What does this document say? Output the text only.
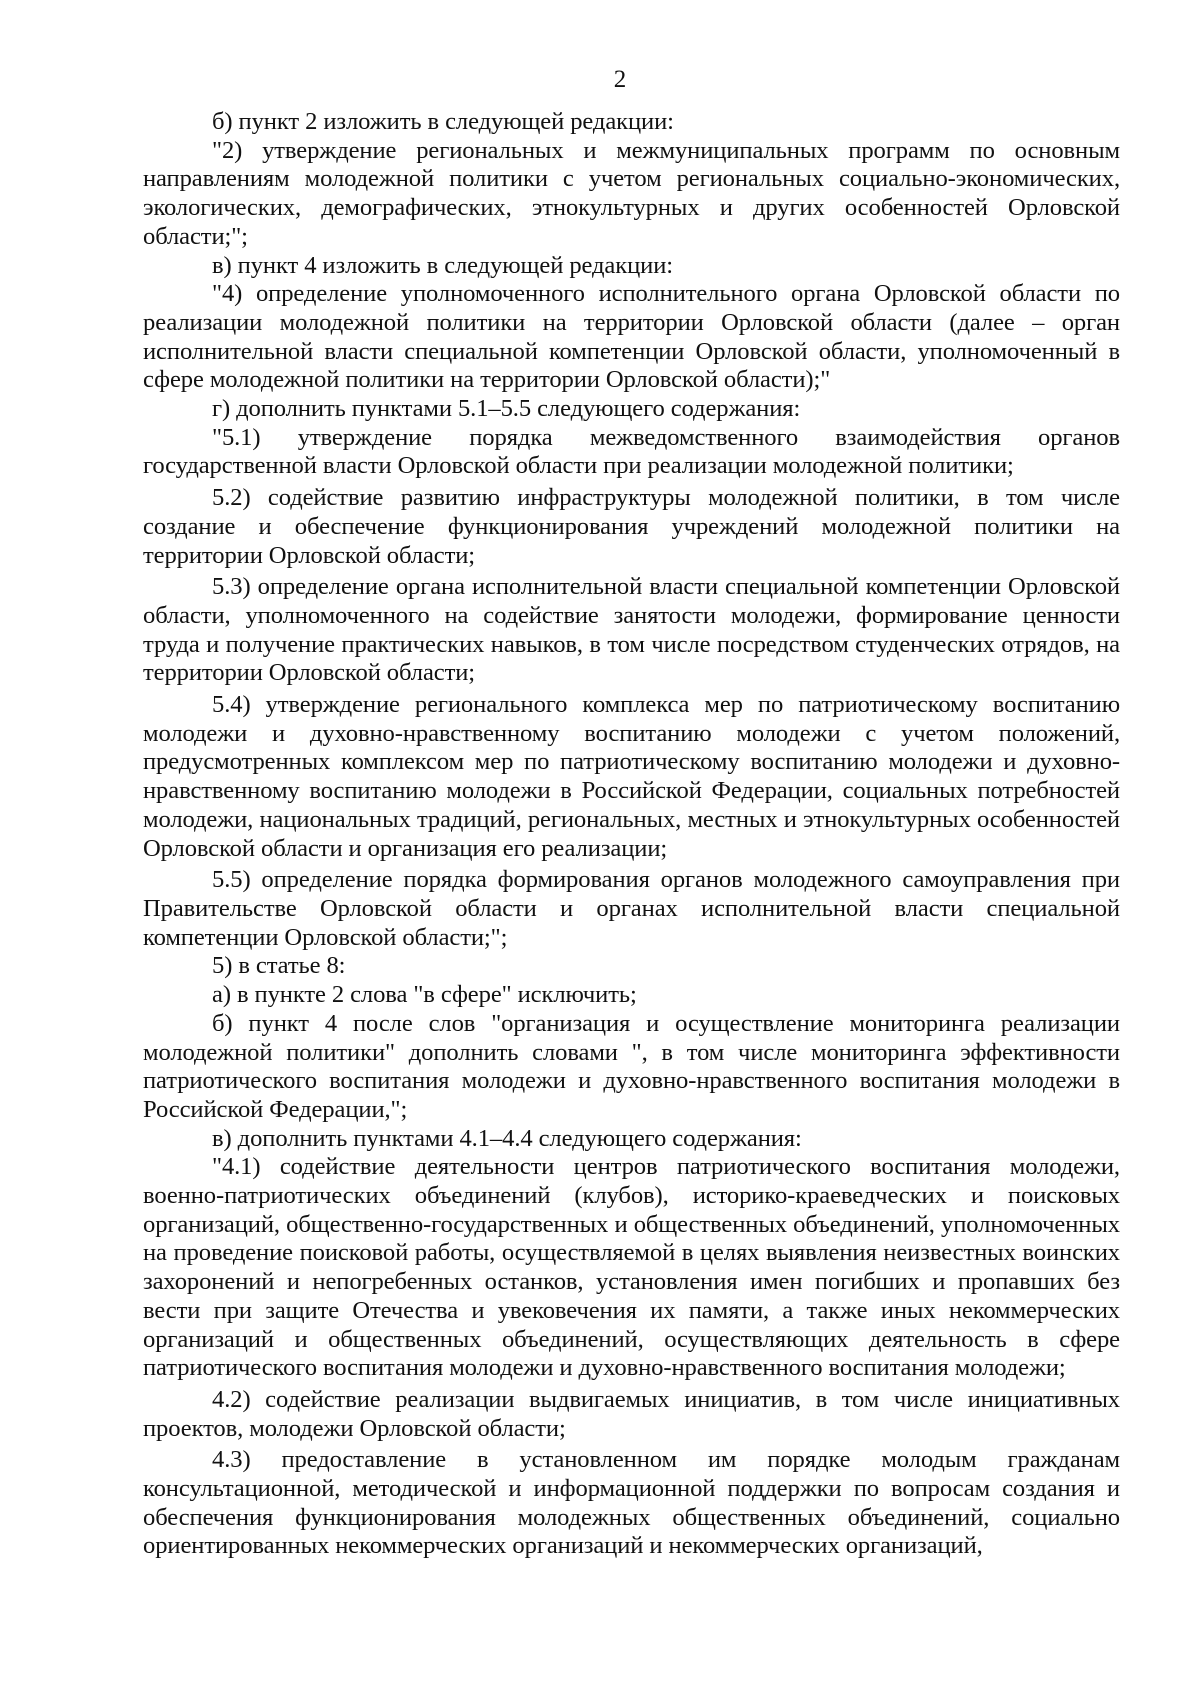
2

б) пункт 2 изложить в следующей редакции:

"2) утверждение региональных и межмуниципальных программ по основным направлениям молодежной политики с учетом региональных социально-экономических, экологических, демографических, этнокультурных и других особенностей Орловской области;";

в) пункт 4 изложить в следующей редакции:

"4) определение уполномоченного исполнительного органа Орловской области по реализации молодежной политики на территории Орловской области (далее – орган исполнительной власти специальной компетенции Орловской области, уполномоченный в сфере молодежной политики на территории Орловской области);"

г) дополнить пунктами 5.1–5.5 следующего содержания:

"5.1) утверждение порядка межведомственного взаимодействия органов государственной власти Орловской области при реализации молодежной политики;

5.2) содействие развитию инфраструктуры молодежной политики, в том числе создание и обеспечение функционирования учреждений молодежной политики на территории Орловской области;

5.3) определение органа исполнительной власти специальной компетенции Орловской области, уполномоченного на содействие занятости молодежи, формирование ценности труда и получение практических навыков, в том числе посредством студенческих отрядов, на территории Орловской области;

5.4) утверждение регионального комплекса мер по патриотическому воспитанию молодежи и духовно-нравственному воспитанию молодежи с учетом положений, предусмотренных комплексом мер по патриотическому воспитанию молодежи и духовно-нравственному воспитанию молодежи в Российской Федерации, социальных потребностей молодежи, национальных традиций, региональных, местных и этнокультурных особенностей Орловской области и организация его реализации;

5.5) определение порядка формирования органов молодежного самоуправления при Правительстве Орловской области и органах исполнительной власти специальной компетенции Орловской области;";

5) в статье 8:

а) в пункте 2 слова "в сфере" исключить;

б) пункт 4 после слов "организация и осуществление мониторинга реализации молодежной политики" дополнить словами ", в том числе мониторинга эффективности патриотического воспитания молодежи и духовно-нравственного воспитания молодежи в Российской Федерации,";

в) дополнить пунктами 4.1–4.4 следующего содержания:

"4.1) содействие деятельности центров патриотического воспитания молодежи, военно-патриотических объединений (клубов), историко-краеведческих и поисковых организаций, общественно-государственных и общественных объединений, уполномоченных на проведение поисковой работы, осуществляемой в целях выявления неизвестных воинских захоронений и непогребенных останков, установления имен погибших и пропавших без вести при защите Отечества и увековечения их памяти, а также иных некоммерческих организаций и общественных объединений, осуществляющих деятельность в сфере патриотического воспитания молодежи и духовно-нравственного воспитания молодежи;

4.2) содействие реализации выдвигаемых инициатив, в том числе инициативных проектов, молодежи Орловской области;

4.3) предоставление в установленном им порядке молодым гражданам консультационной, методической и информационной поддержки по вопросам создания и обеспечения функционирования молодежных общественных объединений, социально ориентированных некоммерческих организаций и некоммерческих организаций,
